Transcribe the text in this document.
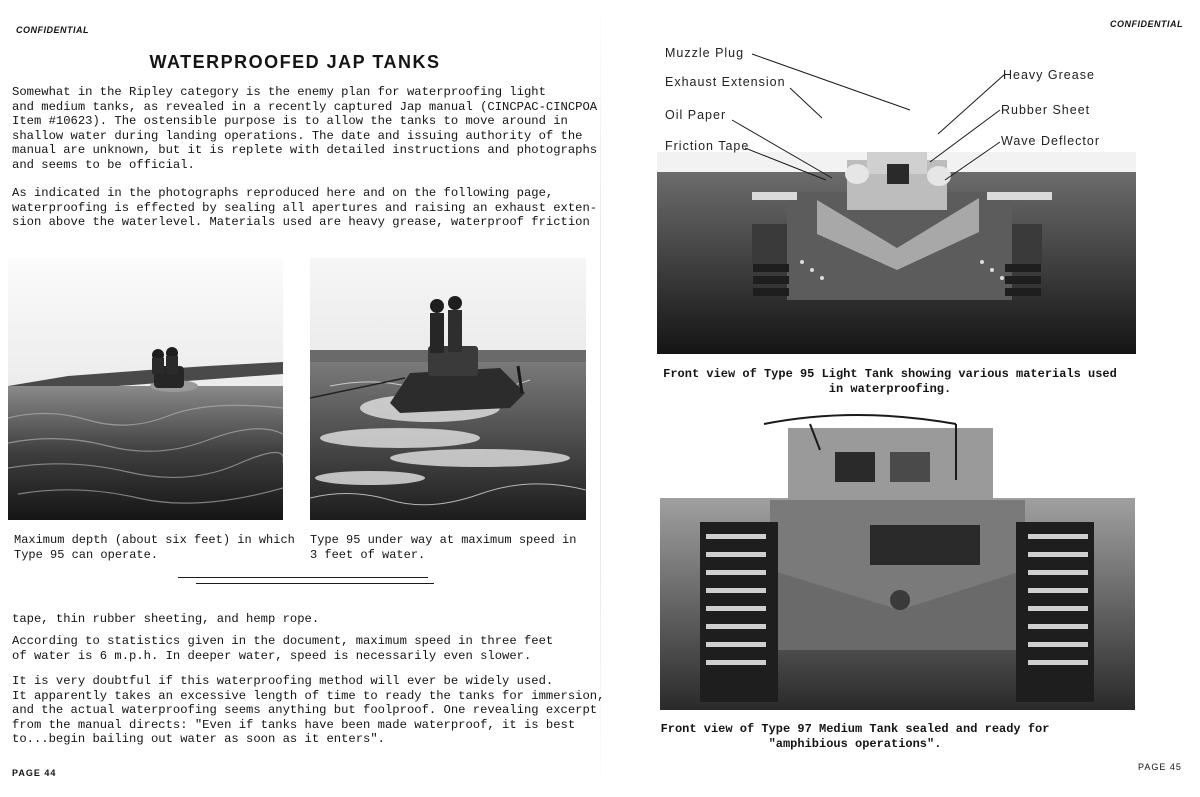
CONFIDENTIAL
WATERPROOFED JAP TANKS

Somewhat in the Ripley category is the enemy plan for waterproofing light
and medium tanks, as revealed in a recently captured Jap manual (CINCPAC-CINCPOA
Item #10623). The ostensible purpose is to allow the tanks to move around in
shallow water during landing operations. The date and issuing authority of the
manual are unknown, but it is replete with detailed instructions and photographs
and seems to be official.

As indicated in the photographs reproduced here and on the following page,
waterproofing is effected by sealing all apertures and raising an exhaust exten-
sion above the waterlevel. Materials used are heavy grease, waterproof friction

Maximum depth (about six feet) in which
Type 95 can operate.

Type 95 under way at maximum speed in
3 feet of water.

tape, thin rubber sheeting, and hemp rope.

According to statistics given in the document, maximum speed in three feet
of water is 6 m.p.h. In deeper water, speed is necessarily even slower.

It is very doubtful if this waterproofing method will ever be widely used.
It apparently takes an excessive length of time to ready the tanks for immersion,
and the actual waterproofing seems anything but foolproof. One revealing excerpt
from the manual directs: "Even if tanks have been made waterproof, it is best
to...begin bailing out water as soon as it enters".

PAGE 44
CONFIDENTIAL
Muzzle Plug
Exhaust Extension
Oil Paper
Friction Tape
Heavy Grease
Rubber Sheet
Wave Deflector

Front view of Type 95 Light Tank showing various materials used
in waterproofing.

Front view of Type 97 Medium Tank sealed and ready for
"amphibious operations".

PAGE 45
